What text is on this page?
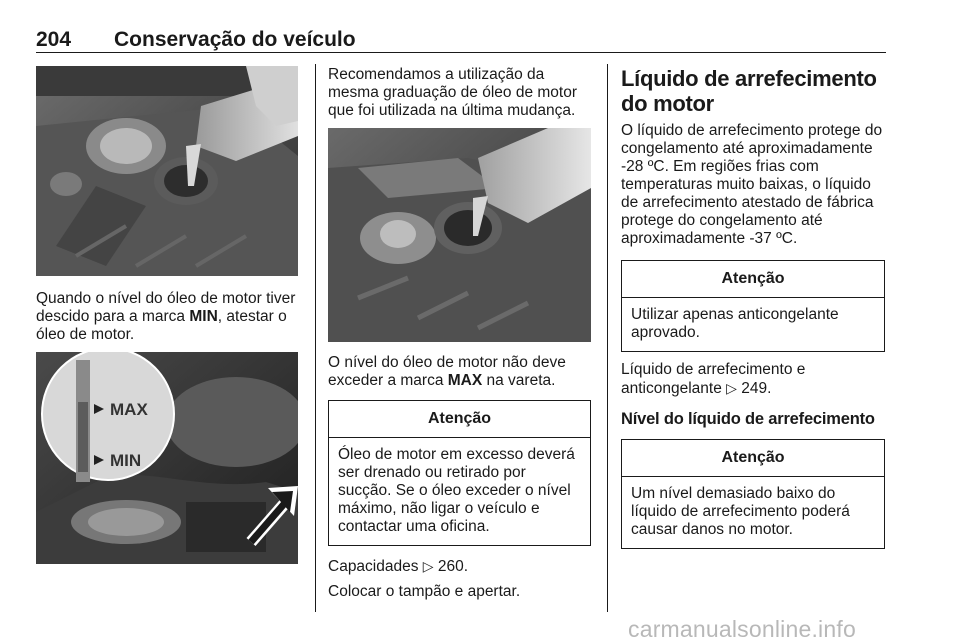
204 Conservação do veículo

Quando o nível do óleo de motor tiver descido para a marca MIN, atestar o óleo de motor.

MAX
MIN

Recomendamos a utilização da mesma graduação de óleo de motor que foi utilizada na última mudança.

O nível do óleo de motor não deve exceder a marca MAX na vareta.

Atenção
Óleo de motor em excesso deverá ser drenado ou retirado por sucção. Se o óleo exceder o nível máximo, não ligar o veículo e contactar uma oficina.

Capacidades ▷ 260.

Colocar o tampão e apertar.

Líquido de arrefecimento do motor

O líquido de arrefecimento protege do congelamento até aproximadamente -28 ºC. Em regiões frias com temperaturas muito baixas, o líquido de arrefecimento atestado de fábrica protege do congelamento até aproximadamente -37 ºC.

Atenção
Utilizar apenas anticongelante aprovado.

Líquido de arrefecimento e anticongelante ▷ 249.

Nível do líquido de arrefecimento

Atenção
Um nível demasiado baixo do líquido de arrefecimento poderá causar danos no motor.
carmanualsonline.info
